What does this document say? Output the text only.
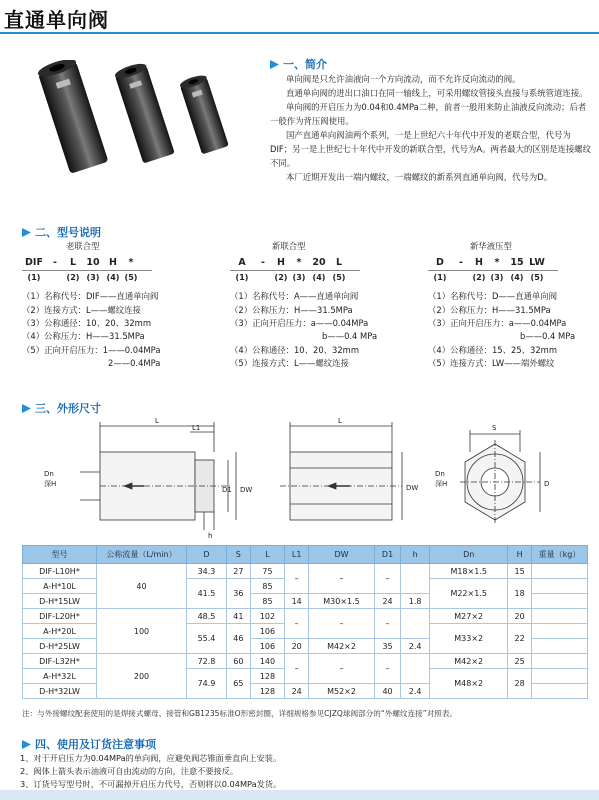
直通单向阀
一、简介

单向阀是只允许油液向一个方向流动，而不允许反向流动的阀。

直通单向阀的进出口油口在同一轴线上，可采用螺纹管接头直接与系统管道连接。

单向阀的开启压力为0.04和0.4MPa二种，前者一般用来防止油液反向流动；后者一般作为背压阀使用。

国产直通单向阀油两个系列，一是上世纪六十年代中开发的老联合型，代号为DIF；另一是上世纪七十年代中开发的新联合型，代号为A。两者最大的区别是连接螺纹不同。

本厂近期开发出一端内螺纹，一端螺纹的新系列直通单向阀，代号为D。

二、型号说明
老联合型
DIF	-	L	10 H	*
(1)	(2) (3) (4) (5)
（1）名称代号：DIF——直通单向阀
（2）连接方式：L——螺纹连接
（3）公称通径：10、20、32mm
（4）公称压力：H——31.5MPa
（5）正向开启压力：1——0.04MPa
2——0.4MPa
新联合型
A	-	H	*	20	L
(1)	(2) (3) (4) (5)
（1）名称代号：A——直通单向阀
（2）公称压力：H——31.5MPa
（3）正向开启压力：a——0.04MPa
b——0.4 MPa
（4）公称通径：10、20、32mm
（5）连接方式：L——螺纹连接
新华液压型
D	-	H	*	15 LW
(1)	(2) (3) (4) (5)
（1）名称代号：D——直通单向阀
（2）公称压力：H——31.5MPa
（3）正向开启压力：a——0.04MPa
b——0.4 MPa
（4）公称通径：15、25、32mm
（5）连接方式：LW——端外螺纹
三、外形尺寸
L
L1
h
Dn
深H
D1 DW
L
DW
S
Dn
深H	D
型号	公称流量（L/min）	D	S	L	L1	DW	D1	h	Dn	H	重量（kg）
DIF-L10H*	40	34.3	27	75	–	–	–		M18×1.5	15	
A-H*10L		41.5	36	85					M22×1.5	18	
D-H*15LW				85	14	M30×1.5	24	1.8			
DIF-L20H*	100	48.5	41	102	–	–	–		M27×2	20	
A-H*20L		55.4	46	106					M33×2	22	
D-H*25LW				106	20	M42×2	35	2.4			
DIF-L32H*	200	72.8	60	140	–	–	–		M42×2	25	
A-H*32L		74.9	65	128					M48×2	28	
D-H*32LW				128	24	M52×2	40	2.4			
注：与外接螺纹配套使用的是焊接式螺母、接管和GB1235标准O形密封圈，详细规格参见CJZQ球阀部分的“外螺纹连接”对照表。
四、使用及订货注意事项
1、对于开启压力为0.04MPa的单向阀，应避免阀芯锥面垂直向上安装。
2、阀体上箭头表示油液可自由流动的方向，注意不要接反。
3、订货号写型号时，不可漏掉开启压力代号，否则将以0.04MPa发货。
